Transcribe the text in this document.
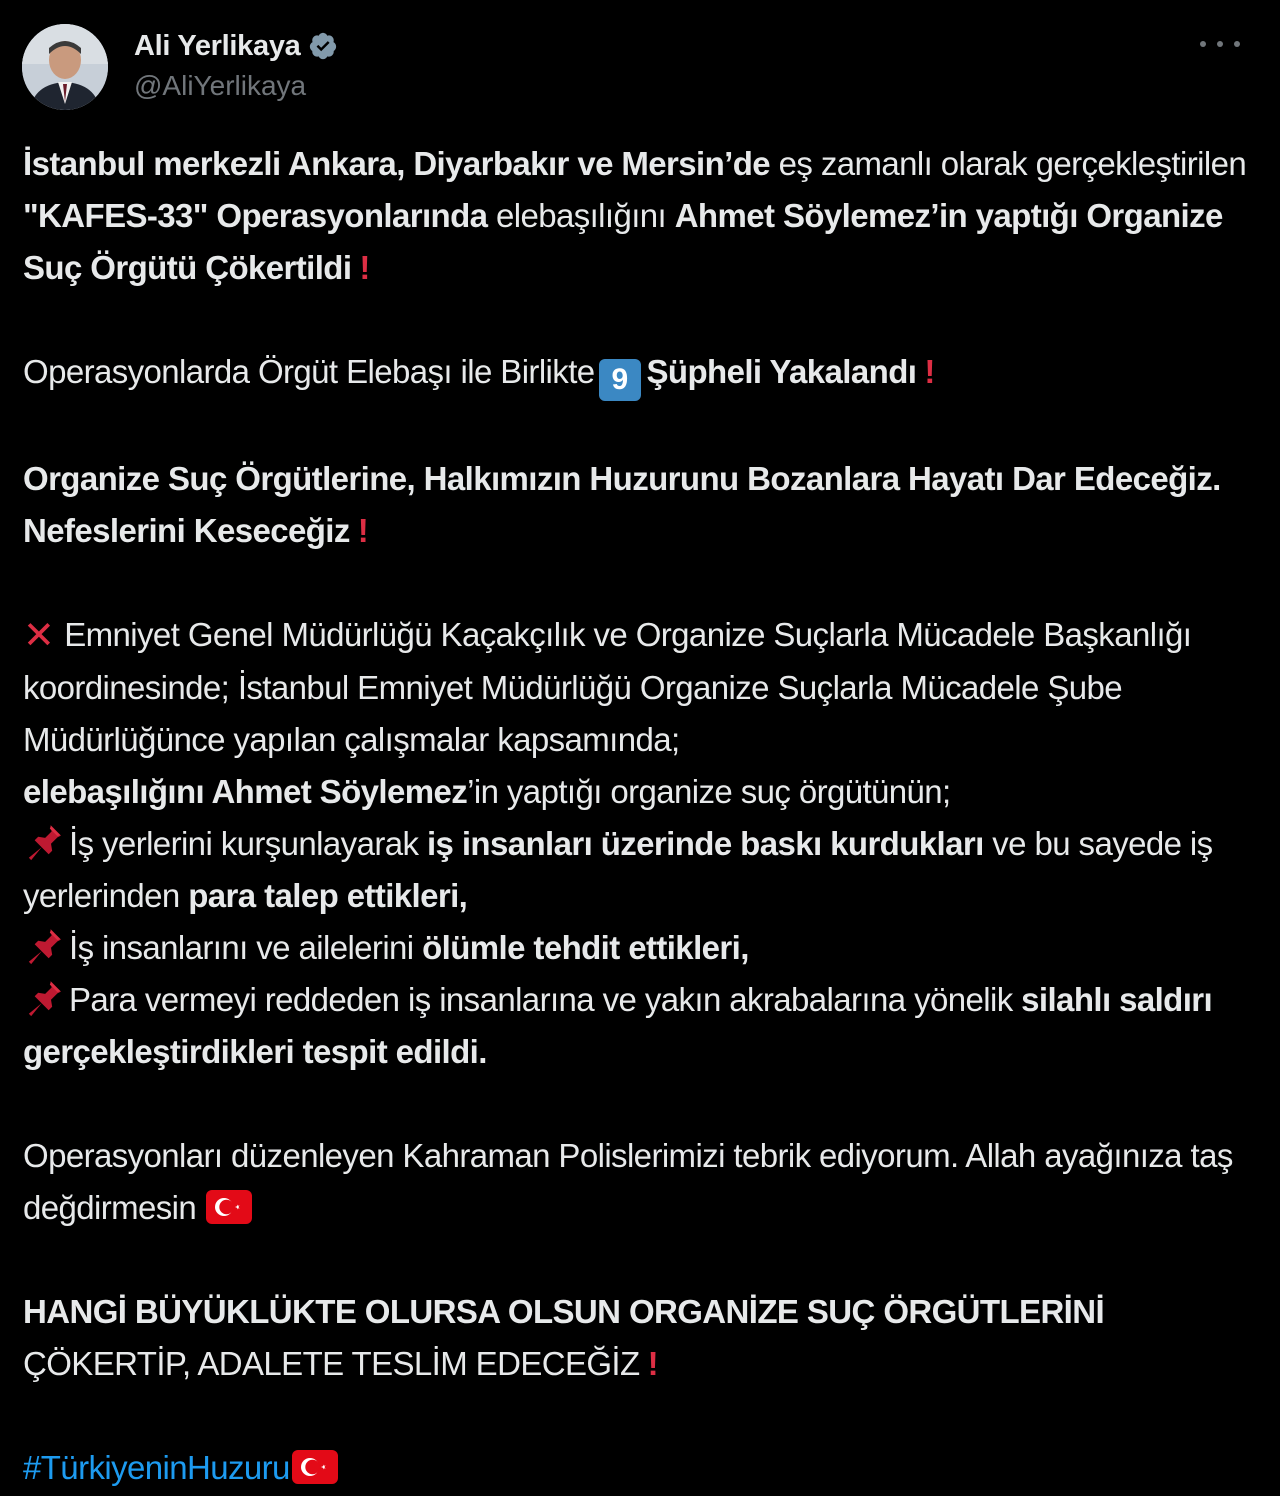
Ali Yerlikaya
@AliYerlikaya

İstanbul merkezli Ankara, Diyarbakır ve Mersin’de eş zamanlı olarak gerçekleştirilen "KAFES-33" Operasyonlarında elebaşılığını Ahmet Söylemez’in yaptığı Organize Suç Örgütü Çökertildi !

Operasyonlarda Örgüt Elebaşı ile Birlikte 9 Şüpheli Yakalandı !

Organize Suç Örgütlerine, Halkımızın Huzurunu Bozanlara Hayatı Dar Edeceğiz. Nefeslerini Keseceğiz !

✕ Emniyet Genel Müdürlüğü Kaçakçılık ve Organize Suçlarla Mücadele Başkanlığı koordinesinde; İstanbul Emniyet Müdürlüğü Organize Suçlarla Mücadele Şube Müdürlüğünce yapılan çalışmalar kapsamında;
elebaşılığını Ahmet Söylemez’in yaptığı organize suç örgütünün;
İş yerlerini kurşunlayarak iş insanları üzerinde baskı kurdukları ve bu sayede iş yerlerinden para talep ettikleri,
İş insanlarını ve ailelerini ölümle tehdit ettikleri,
Para vermeyi reddeden iş insanlarına ve yakın akrabalarına yönelik silahlı saldırı gerçekleştirdikleri tespit edildi.

Operasyonları düzenleyen Kahraman Polislerimizi tebrik ediyorum. Allah ayağınıza taş değdirmesin

HANGİ BÜYÜKLÜKTE OLURSA OLSUN ORGANİZE SUÇ ÖRGÜTLERİNİ
ÇÖKERTİP, ADALETE TESLİM EDECEĞİZ !

#TürkiyeninHuzuru
